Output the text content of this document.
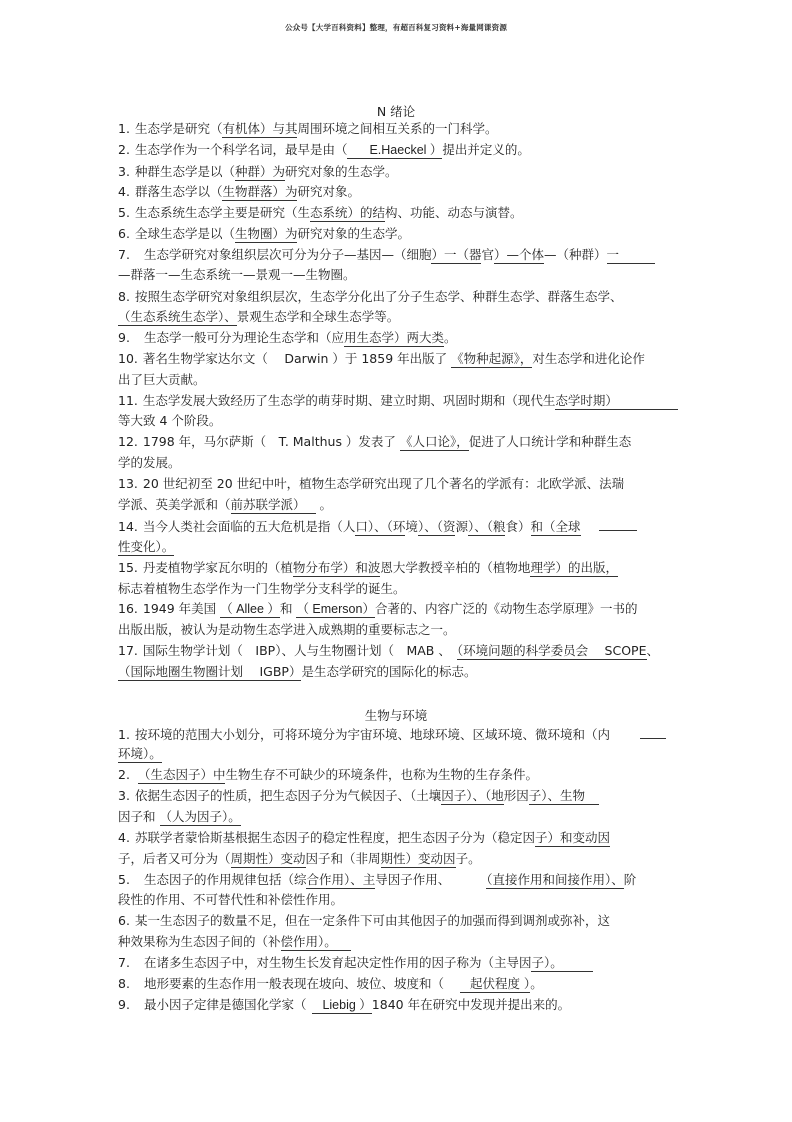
公众号【大学百科资料】整理，有超百科复习资料+海量网课资源
N 绪论
1. 生态学是研究（有机体）与其周围环境之间相互关系的一门科学。
2. 生态学作为一个科学名词，最早是由（ E.Haeckel ）提出并定义的。
3. 种群生态学是以（种群）为研究对象的生态学。
4. 群落生态学以（生物群落）为研究对象。
5. 生态系统生态学主要是研究（生态系统）的结构、功能、动态与演替。
6. 全球生态学是以（生物圈）为研究对象的生态学。
7. 生态学研究对象组织层次可分为分子—基因—（细胞）一（器官）—个体—（种群）一
—群落一—生态系统一—景观一—生物圈。
8. 按照生态学研究对象组织层次，生态学分化出了分子生态学、种群生态学、群落生态学、
（生态系统生态学）、景观生态学和全球生态学等。
9. 生态学一般可分为理论生态学和（应用生态学）两大类。
10. 著名生物学家达尔文（　 Darwin ）于 1859 年出版了 《物种起源》，对生态学和进化论作
出了巨大贡献。
11. 生态学发展大致经历了生态学的萌芽时期、建立时期、巩固时期和（现代生态学时期）
等大致 4 个阶段。
12. 1798 年，马尔萨斯（　T. Malthus ）发表了 《人口论》，促进了人口统计学和种群生态
学的发展。
13. 20 世纪初至 20 世纪中叶，植物生态学研究出现了几个著名的学派有：北欧学派、法瑞
学派、英美学派和（前苏联学派） 。
14. 当今人类社会面临的五大危机是指（人口）、（环境）、（资源）、（粮食）和（全球
性变化）。
15. 丹麦植物学家瓦尔明的（植物分布学）和波恩大学教授辛柏的（植物地理学）的出版，
标志着植物生态学作为一门生物学分支科学的诞生。
16. 1949 年美国 （ Allee ）和 （ Emerson）合著的、内容广泛的《动物生态学原理》一书的
出版出版，被认为是动物生态学进入成熟期的重要标志之一。
17. 国际生物学计划（　IBP）、人与生物圈计划（　MAB 、 （环境问题的科学委员会　 SCOPE、
（国际地圈生物圈计划　 IGBP）是生态学研究的国际化的标志。
生物与环境
1. 按环境的范围大小划分，可将环境分为宇宙环境、地球环境、区域环境、微环境和（内
环境）。
2. （生态因子）中生物生存不可缺少的环境条件，也称为生物的生存条件。
3. 依据生态因子的性质，把生态因子分为气候因子、（土壤因子）、（地形因子）、生物
因子和 （人为因子）。
4. 苏联学者蒙恰斯基根据生态因子的稳定性程度，把生态因子分为（稳定因子）和变动因
子，后者又可分为（周期性）变动因子和（非周期性）变动因子。
5. 生态因子的作用规律包括（综合作用）、主导因子作用、	（直接作用和间接作用）、阶
段性的作用、不可替代性和补偿性作用。
6. 某一生态因子的数量不足，但在一定条件下可由其他因子的加强而得到调剂或弥补，这
种效果称为生态因子间的（补偿作用）。
7. 在诸多生态因子中，对生物生长发育起决定性作用的因子称为（主导因子）。
8. 地形要素的生态作用一般表现在坡向、坡位、坡度和（ 起伏程度 ）。
9. 最小因子定律是德国化学家（ Liebig ）1840 年在研究中发现并提出来的。
